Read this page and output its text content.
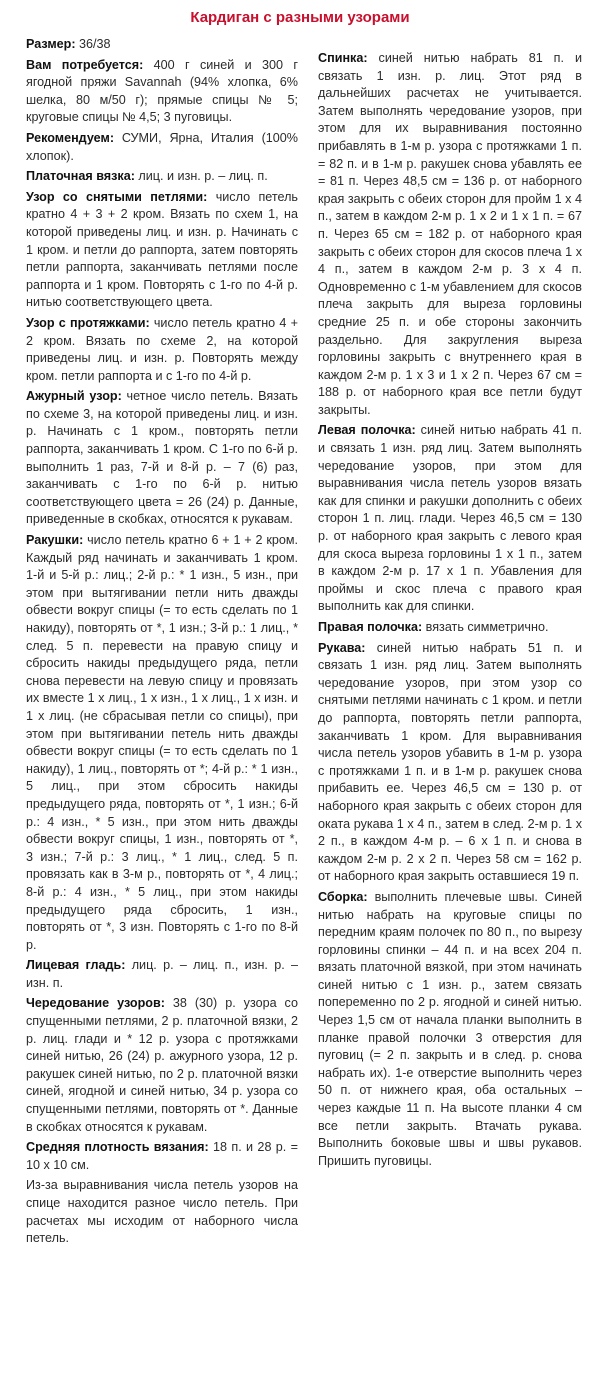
Кардиган с разными узорами

Размер: 36/38

Вам потребуется: 400 г синей и 300 г ягодной пряжи Savannah (94% хлопка, 6% шелка, 80 м/50 г); прямые спицы № 5; круговые спицы № 4,5; 3 пуговицы.

Рекомендуем: СУМИ, Ярна, Италия (100% хлопок).

Платочная вязка: лиц. и изн. р. – лиц. п.

Узор со снятыми петлями: число петель кратно 4 + 3 + 2 кром. Вязать по схем 1, на которой приведены лиц. и изн. р. Начинать с 1 кром. и петли до раппорта, затем повторять петли раппорта, заканчивать петлями после раппорта и 1 кром. Повторять с 1-го по 4-й р. нитью соответствующего цвета.

Узор с протяжками: число петель кратно 4 + 2 кром. Вязать по схеме 2, на которой приведены лиц. и изн. р. Повторять между кром. петли раппорта и с 1-го по 4-й р.

Ажурный узор: четное число петель. Вязать по схеме 3, на которой приведены лиц. и изн. р. Начинать с 1 кром., повторять петли раппорта, заканчивать 1 кром. С 1-го по 6-й р. выполнить 1 раз, 7-й и 8-й р. – 7 (6) раз, заканчивать с 1-го по 6-й р. нитью соответствующего цвета = 26 (24) р. Данные, приведенные в скобках, относятся к рукавам.

Ракушки: число петель кратно 6 + 1 + 2 кром. Каждый ряд начинать и заканчивать 1 кром. 1-й и 5-й р.: лиц.; 2-й р.: * 1 изн., 5 изн., при этом при вытягивании петли нить дважды обвести вокруг спицы (= то есть сделать по 1 накиду), повторять от *, 1 изн.; 3-й р.: 1 лиц., * след. 5 п. перевести на правую спицу и сбросить накиды предыдущего ряда, петли снова перевести на левую спицу и провязать их вместе 1 х лиц., 1 х изн., 1 х лиц., 1 х изн. и 1 х лиц. (не сбрасывая петли со спицы), при этом при вытягивании петель нить дважды обвести вокруг спицы (= то есть сделать по 1 накиду), 1 лиц., повторять от *; 4-й р.: * 1 изн., 5 лиц., при этом сбросить накиды предыдущего ряда, повторять от *, 1 изн.; 6-й р.: 4 изн., * 5 изн., при этом нить дважды обвести вокруг спицы, 1 изн., повторять от *, 3 изн.; 7-й р.: 3 лиц., * 1 лиц., след. 5 п. провязать как в 3-м р., повторять от *, 4 лиц.; 8-й р.: 4 изн., * 5 лиц., при этом накиды предыдущего ряда сбросить, 1 изн., повторять от *, 3 изн. Повторять с 1-го по 8-й р.

Лицевая гладь: лиц. р. – лиц. п., изн. р. – изн. п.

Чередование узоров: 38 (30) р. узора со спущенными петлями, 2 р. платочной вязки, 2 р. лиц. глади и * 12 р. узора с протяжками синей нитью, 26 (24) р. ажурного узора, 12 р. ракушек синей нитью, по 2 р. платочной вязки синей, ягодной и синей нитью, 34 р. узора со спущенными петлями, повторять от *. Данные в скобках относятся к рукавам.

Средняя плотность вязания: 18 п. и 28 р. = 10 х 10 см.

Из-за выравнивания числа петель узоров на спице находится разное число петель. При расчетах мы исходим от наборного числа петель.

Спинка: синей нитью набрать 81 п. и связать 1 изн. р. лиц. Этот ряд в дальнейших расчетах не учитывается. Затем выполнять чередование узоров, при этом для их выравнивания постоянно прибавлять в 1-м р. узора с протяжками 1 п. = 82 п. и в 1-м р. ракушек снова убавлять ее = 81 п. Через 48,5 см = 136 р. от наборного края закрыть с обеих сторон для пройм 1 х 4 п., затем в каждом 2-м р. 1 х 2 и 1 х 1 п. = 67 п. Через 65 см = 182 р. от наборного края закрыть с обеих сторон для скосов плеча 1 х 4 п., затем в каждом 2-м р. 3 х 4 п. Одновременно с 1-м убавлением для скосов плеча закрыть для выреза горловины средние 25 п. и обе стороны закончить раздельно. Для закругления выреза горловины закрыть с внутреннего края в каждом 2-м р. 1 х 3 и 1 х 2 п. Через 67 см = 188 р. от наборного края все петли будут закрыты.

Левая полочка: синей нитью набрать 41 п. и связать 1 изн. ряд лиц. Затем выполнять чередование узоров, при этом для выравнивания числа петель узоров вязать как для спинки и ракушки дополнить с обеих сторон 1 п. лиц. глади. Через 46,5 см = 130 р. от наборного края закрыть с левого края для скоса выреза горловины 1 х 1 п., затем в каждом 2-м р. 17 х 1 п. Убавления для проймы и скос плеча с правого края выполнить как для спинки.

Правая полочка: вязать симметрично.

Рукава: синей нитью набрать 51 п. и связать 1 изн. ряд лиц. Затем выполнять чередование узоров, при этом узор со снятыми петлями начинать с 1 кром. и петли до раппорта, повторять петли раппорта, заканчивать 1 кром. Для выравнивания числа петель узоров убавить в 1-м р. узора с протяжками 1 п. и в 1-м р. ракушек снова прибавить ее. Через 46,5 см = 130 р. от наборного края закрыть с обеих сторон для оката рукава 1 х 4 п., затем в след. 2-м р. 1 х 2 п., в каждом 4-м р. – 6 х 1 п. и снова в каждом 2-м р. 2 х 2 п. Через 58 см = 162 р. от наборного края закрыть оставшиеся 19 п.

Сборка: выполнить плечевые швы. Синей нитью набрать на круговые спицы по передним краям полочек по 80 п., по вырезу горловины спинки – 44 п. и на всех 204 п. вязать платочной вязкой, при этом начинать синей нитью с 1 изн. р., затем связать попеременно по 2 р. ягодной и синей нитью. Через 1,5 см от начала планки выполнить в планке правой полочки 3 отверстия для пуговиц (= 2 п. закрыть и в след. р. снова набрать их). 1-е отверстие выполнить через 50 п. от нижнего края, оба остальных – через каждые 11 п. На высоте планки 4 см все петли закрыть. Втачать рукава. Выполнить боковые швы и швы рукавов. Пришить пуговицы.
